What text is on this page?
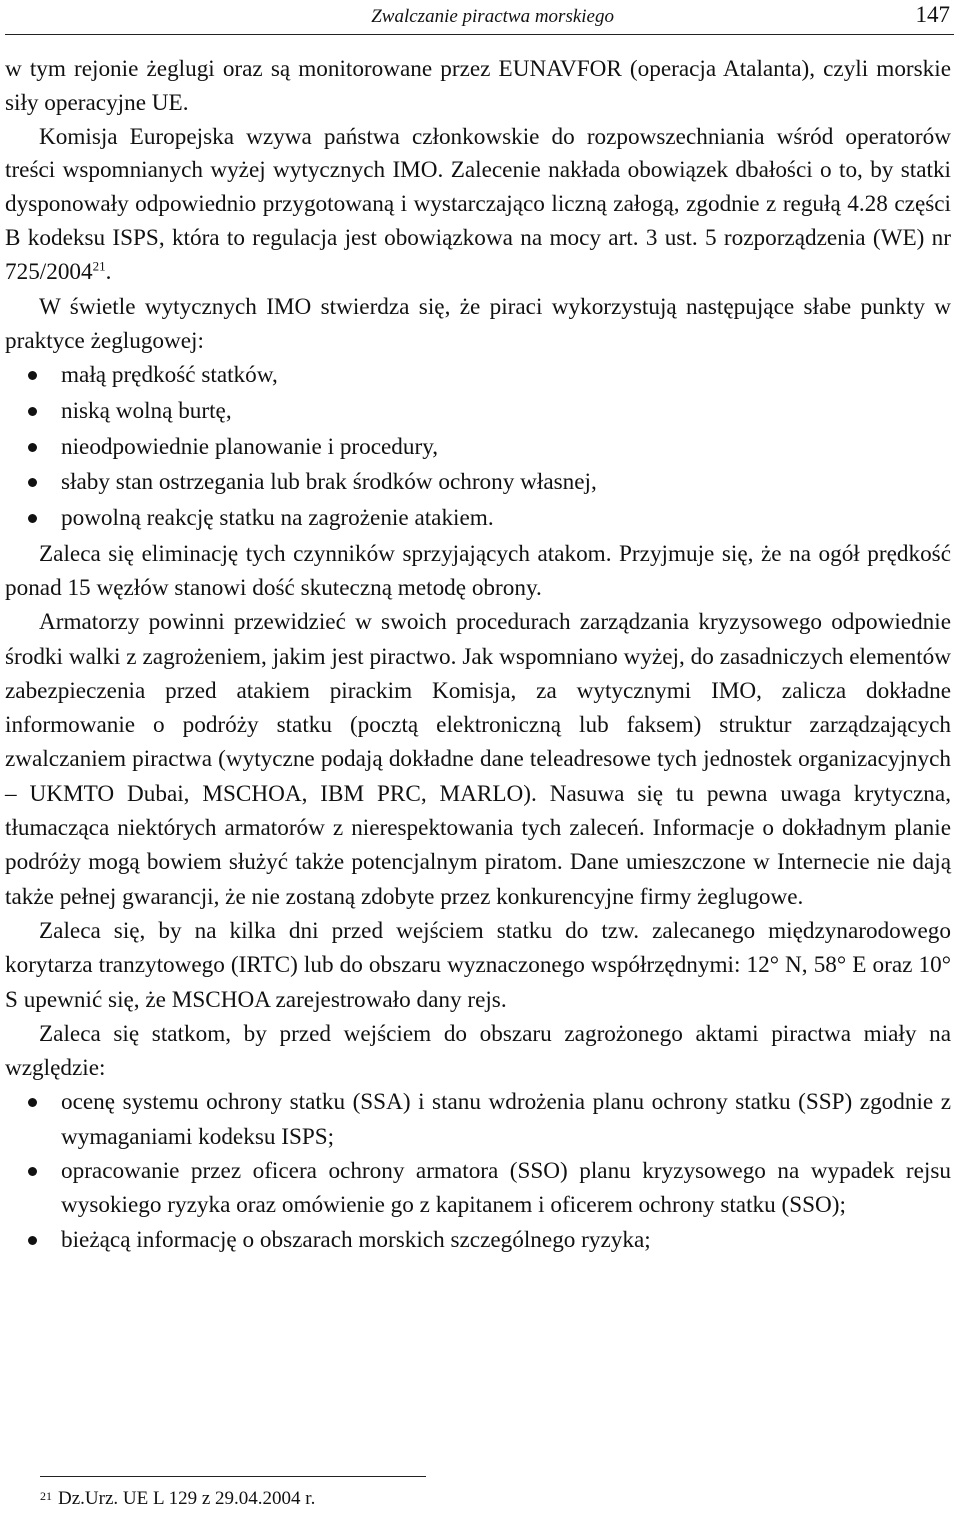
Zwalczanie piractwa morskiego	147

w tym rejonie żeglugi oraz są monitorowane przez EUNAVFOR (operacja Atalanta), czyli morskie siły operacyjne UE.

Komisja Europejska wzywa państwa członkowskie do rozpowszechniania wśród operatorów treści wspomnianych wyżej wytycznych IMO. Zalecenie nakłada obowiązek dbałości o to, by statki dysponowały odpowiednio przygotowaną i wystarczająco liczną załogą, zgodnie z regułą 4.28 części B kodeksu ISPS, która to regulacja jest obowiązkowa na mocy art. 3 ust. 5 rozporządzenia (WE) nr 725/2004$^{21}$.

W świetle wytycznych IMO stwierdza się, że piraci wykorzystują następujące słabe punkty w praktyce żeglugowej:

małą prędkość statków,
niską wolną burtę,
nieodpowiednie planowanie i procedury,
słaby stan ostrzegania lub brak środków ochrony własnej,
powolną reakcję statku na zagrożenie atakiem.

Zaleca się eliminację tych czynników sprzyjających atakom. Przyjmuje się, że na ogół prędkość ponad 15 węzłów stanowi dość skuteczną metodę obrony.

Armatorzy powinni przewidzieć w swoich procedurach zarządzania kryzysowego odpowiednie środki walki z zagrożeniem, jakim jest piractwo. Jak wspomniano wyżej, do zasadniczych elementów zabezpieczenia przed atakiem pirackim Komisja, za wytycznymi IMO, zalicza dokładne informowanie o podróży statku (pocztą elektroniczną lub faksem) struktur zarządzających zwalczaniem piractwa (wytyczne podają dokładne dane teleadresowe tych jednostek organizacyjnych – UKMTO Dubai, MSCHOA, IBM PRC, MARLO). Nasuwa się tu pewna uwaga krytyczna, tłumacząca niektórych armatorów z nierespektowania tych zaleceń. Informacje o dokładnym planie podróży mogą bowiem służyć także potencjalnym piratom. Dane umieszczone w Internecie nie dają także pełnej gwarancji, że nie zostaną zdobyte przez konkurencyjne firmy żeglugowe.

Zaleca się, by na kilka dni przed wejściem statku do tzw. zalecanego międzynarodowego korytarza tranzytowego (IRTC) lub do obszaru wyznaczonego współrzędnymi: 12° N, 58° E oraz 10° S upewnić się, że MSCHOA zarejestrowało dany rejs.

Zaleca się statkom, by przed wejściem do obszaru zagrożonego aktami piractwa miały na względzie:

ocenę systemu ochrony statku (SSA) i stanu wdrożenia planu ochrony statku (SSP) zgodnie z wymaganiami kodeksu ISPS;
opracowanie przez oficera ochrony armatora (SSO) planu kryzysowego na wypadek rejsu wysokiego ryzyka oraz omówienie go z kapitanem i oficerem ochrony statku (SSO);
bieżącą informację o obszarach morskich szczególnego ryzyka;
$^{21}$ Dz.Urz. UE L 129 z 29.04.2004 r.
